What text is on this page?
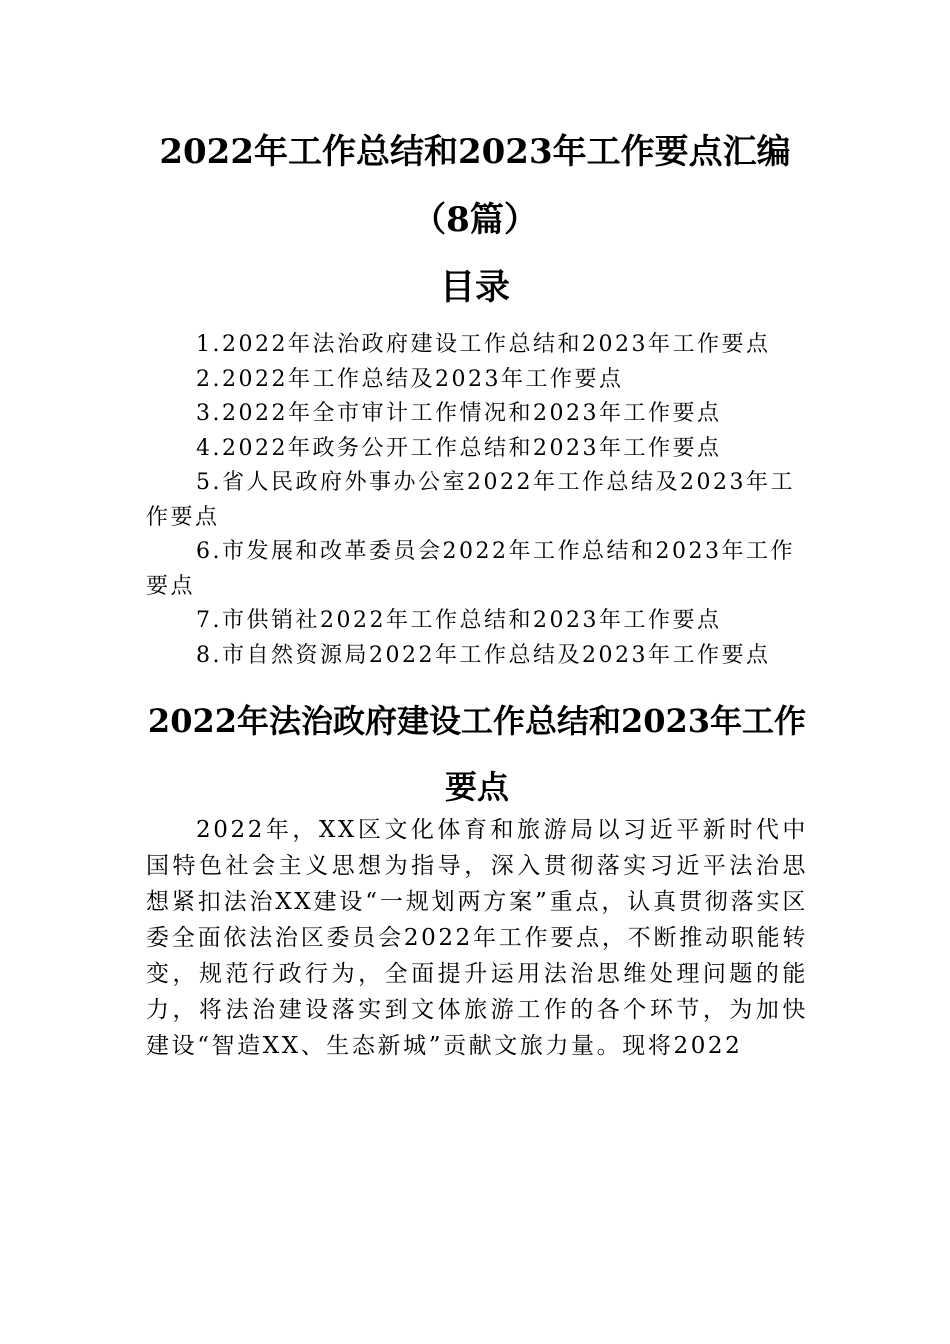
2022年工作总结和2023年工作要点汇编
（8篇）
目录
1.2022年法治政府建设工作总结和2023年工作要点
2.2022年工作总结及2023年工作要点
3.2022年全市审计工作情况和2023年工作要点
4.2022年政务公开工作总结和2023年工作要点
5.省人民政府外事办公室2022年工作总结及2023年工作要点
6.市发展和改革委员会2022年工作总结和2023年工作要点
7.市供销社2022年工作总结和2023年工作要点
8.市自然资源局2022年工作总结及2023年工作要点
2022年法治政府建设工作总结和2023年工作要点
2022年，XX区文化体育和旅游局以习近平新时代中国特色社会主义思想为指导，深入贯彻落实习近平法治思想紧扣法治XX建设“一规划两方案”重点，认真贯彻落实区委全面依法治区委员会2022年工作要点，不断推动职能转变，规范行政行为，全面提升运用法治思维处理问题的能力，将法治建设落实到文体旅游工作的各个环节，为加快建设“智造XX、生态新城”贡献文旅力量。现将2022
